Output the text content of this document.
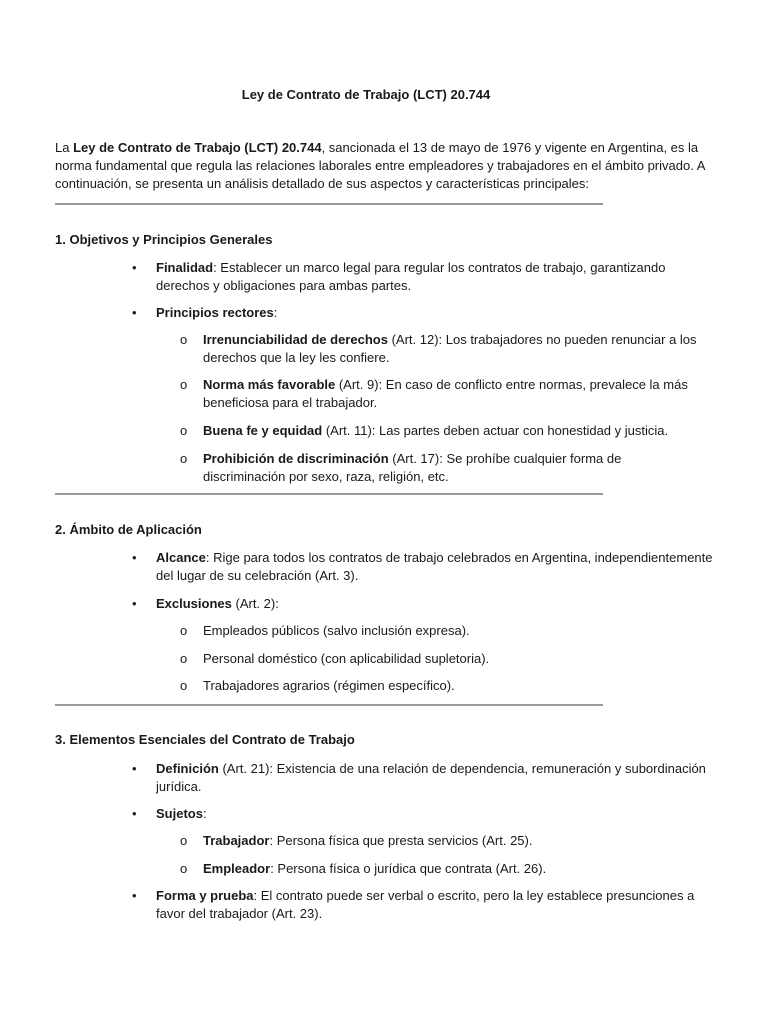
Ley de Contrato de Trabajo (LCT) 20.744

La Ley de Contrato de Trabajo (LCT) 20.744, sancionada el 13 de mayo de 1976 y vigente en Argentina, es la norma fundamental que regula las relaciones laborales entre empleadores y trabajadores en el ámbito privado. A continuación, se presenta un análisis detallado de sus aspectos y características principales:

1. Objetivos y Principios Generales

• Finalidad: Establecer un marco legal para regular los contratos de trabajo, garantizando derechos y obligaciones para ambas partes.

• Principios rectores:

o Irrenunciabilidad de derechos (Art. 12): Los trabajadores no pueden renunciar a los derechos que la ley les confiere.

o Norma más favorable (Art. 9): En caso de conflicto entre normas, prevalece la más beneficiosa para el trabajador.

o Buena fe y equidad (Art. 11): Las partes deben actuar con honestidad y justicia.

o Prohibición de discriminación (Art. 17): Se prohíbe cualquier forma de discriminación por sexo, raza, religión, etc.

2. Ámbito de Aplicación

• Alcance: Rige para todos los contratos de trabajo celebrados en Argentina, independientemente del lugar de su celebración (Art. 3).

• Exclusiones (Art. 2):

o Empleados públicos (salvo inclusión expresa).

o Personal doméstico (con aplicabilidad supletoria).

o Trabajadores agrarios (régimen específico).

3. Elementos Esenciales del Contrato de Trabajo

• Definición (Art. 21): Existencia de una relación de dependencia, remuneración y subordinación jurídica.

• Sujetos:

o Trabajador: Persona física que presta servicios (Art. 25).

o Empleador: Persona física o jurídica que contrata (Art. 26).

• Forma y prueba: El contrato puede ser verbal o escrito, pero la ley establece presunciones a favor del trabajador (Art. 23).
